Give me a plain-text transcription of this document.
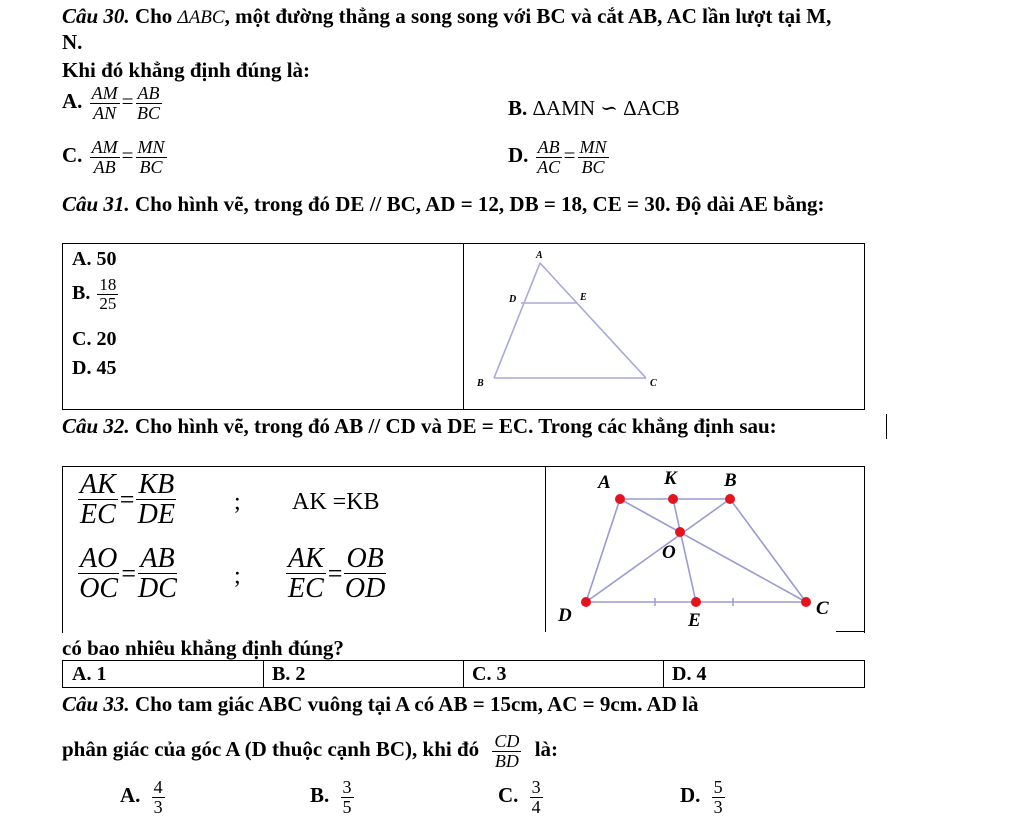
Câu 30. Cho ΔABC, một đường thẳng a song song với BC và cắt AB, AC lần lượt tại M,
N.
Khi đó khẳng định đúng là:
A. $\frac{AM}{AN} = \frac{AB}{BC}$	B. ΔAMN ∽ ΔACB
C. $\frac{AM}{AB} = \frac{MN}{BC}$	D. $\frac{AB}{AC} = \frac{MN}{BC}$
Câu 31. Cho hình vẽ, trong đó DE // BC, AD = 12, DB = 18, CE = 30. Độ dài AE bằng:
A. 50
B. $\frac{18}{25}$
C. 20
D. 45
A
D	E
B	C
Câu 32. Cho hình vẽ, trong đó AB // CD và DE = EC. Trong các khẳng định sau:
$\frac{AK}{EC} = \frac{KB}{DE}$ ; AK =KB
$\frac{AO}{OC} = \frac{AB}{DC}$ ; $\frac{AK}{EC} = \frac{OB}{OD}$
A	K B
O
D	E
C
có bao nhiêu khẳng định đúng?
A. 1	B. 2	C. 3	D. 4
Câu 33. Cho tam giác ABC vuông tại A có AB = 15cm, AC = 9cm. AD là
phân giác của góc A (D thuộc cạnh BC), khi đó $\frac{CD}{BD}$ là:
A. $\frac{4}{3}$	B. $\frac{3}{5}$	C. $\frac{3}{4}$	D. $\frac{5}{3}$
